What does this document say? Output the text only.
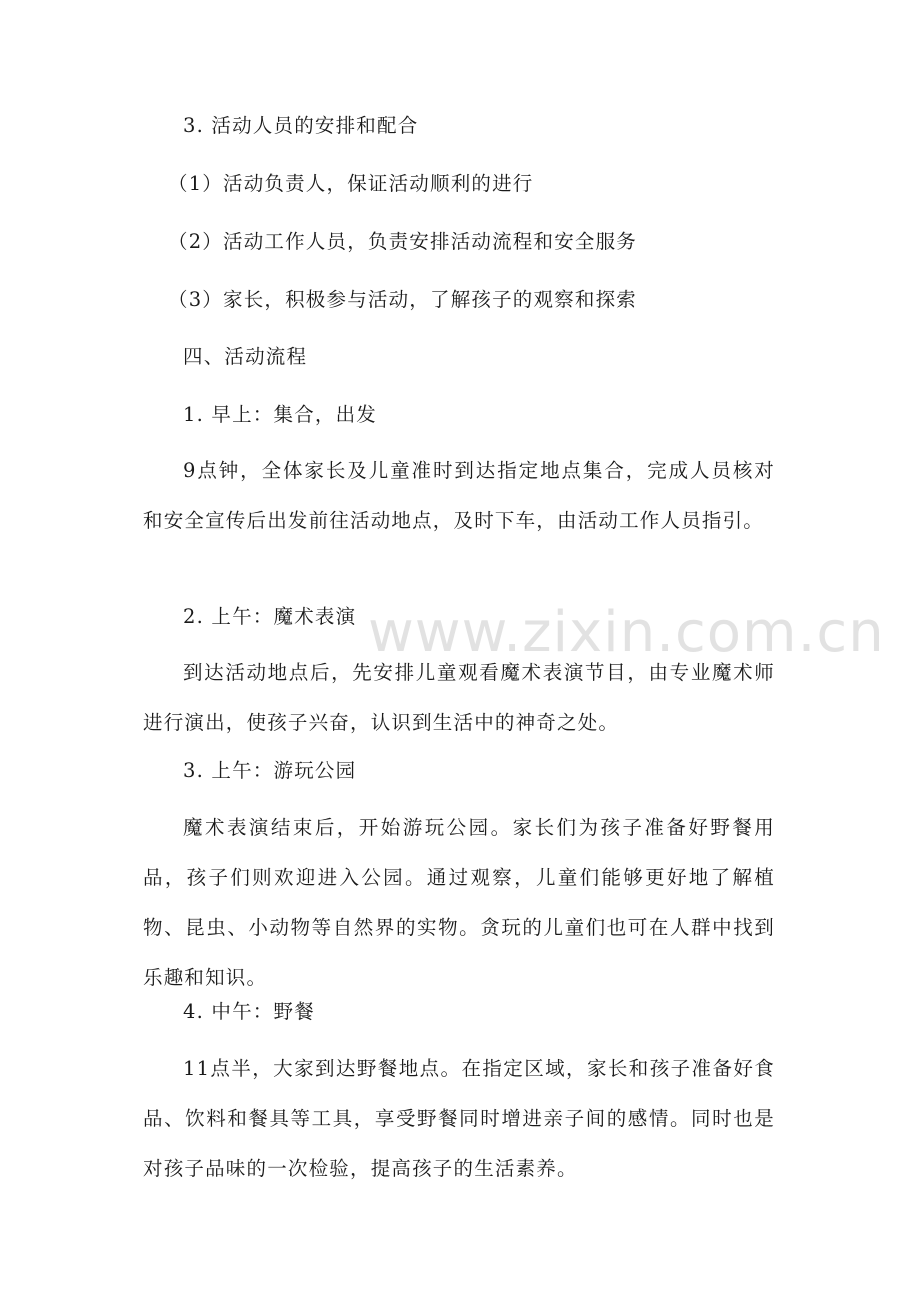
3. 活动人员的安排和配合
（1）活动负责人，保证活动顺利的进行
（2）活动工作人员，负责安排活动流程和安全服务
（3）家长，积极参与活动，了解孩子的观察和探索
四、活动流程
1. 早上：集合，出发
9点钟，全体家长及儿童准时到达指定地点集合，完成人员核对和安全宣传后出发前往活动地点，及时下车，由活动工作人员指引。
2. 上午：魔术表演
到达活动地点后，先安排儿童观看魔术表演节目，由专业魔术师进行演出，使孩子兴奋，认识到生活中的神奇之处。
3. 上午：游玩公园
魔术表演结束后，开始游玩公园。家长们为孩子准备好野餐用品，孩子们则欢迎进入公园。通过观察，儿童们能够更好地了解植物、昆虫、小动物等自然界的实物。贪玩的儿童们也可在人群中找到乐趣和知识。
4. 中午：野餐
11点半，大家到达野餐地点。在指定区域，家长和孩子准备好食品、饮料和餐具等工具，享受野餐同时增进亲子间的感情。同时也是对孩子品味的一次检验，提高孩子的生活素养。
www.zixin.com.cn
